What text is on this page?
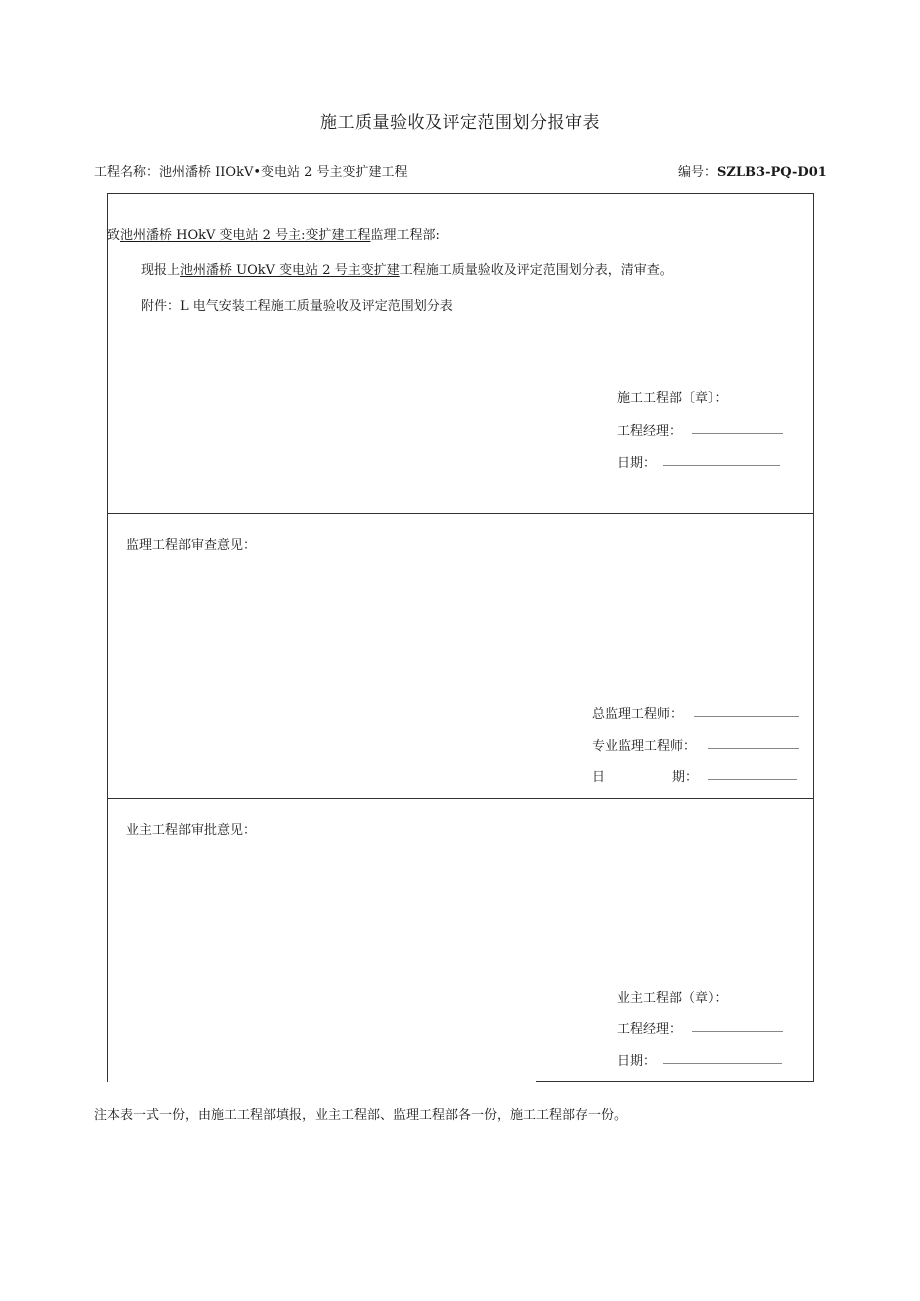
施工质量验收及评定范围划分报审表
工程名称：池州潘桥 IIOkV•变电站 2 号主变扩建工程	编号：SZLB3-PQ-D01
致池州潘桥 HOkV 变电站 2 号主:变扩建工程监理工程部:
现报上池州潘桥 UOkV 变电站 2 号主变扩建工程施工质量验收及评定范围划分表，清审查。
附件：L 电气安装工程施工质量验收及评定范围划分表
施工工程部〔章〕：
工程经理：
日期：
监理工程部审查意见：
总监理工程师：
专业监理工程师：
日	期：
业主工程部审批意见：
业主工程部（章）：
工程经理：
日期：
注本表一式一份，由施工工程部填报，业主工程部、监理工程部各一份，施工工程部存一份。
